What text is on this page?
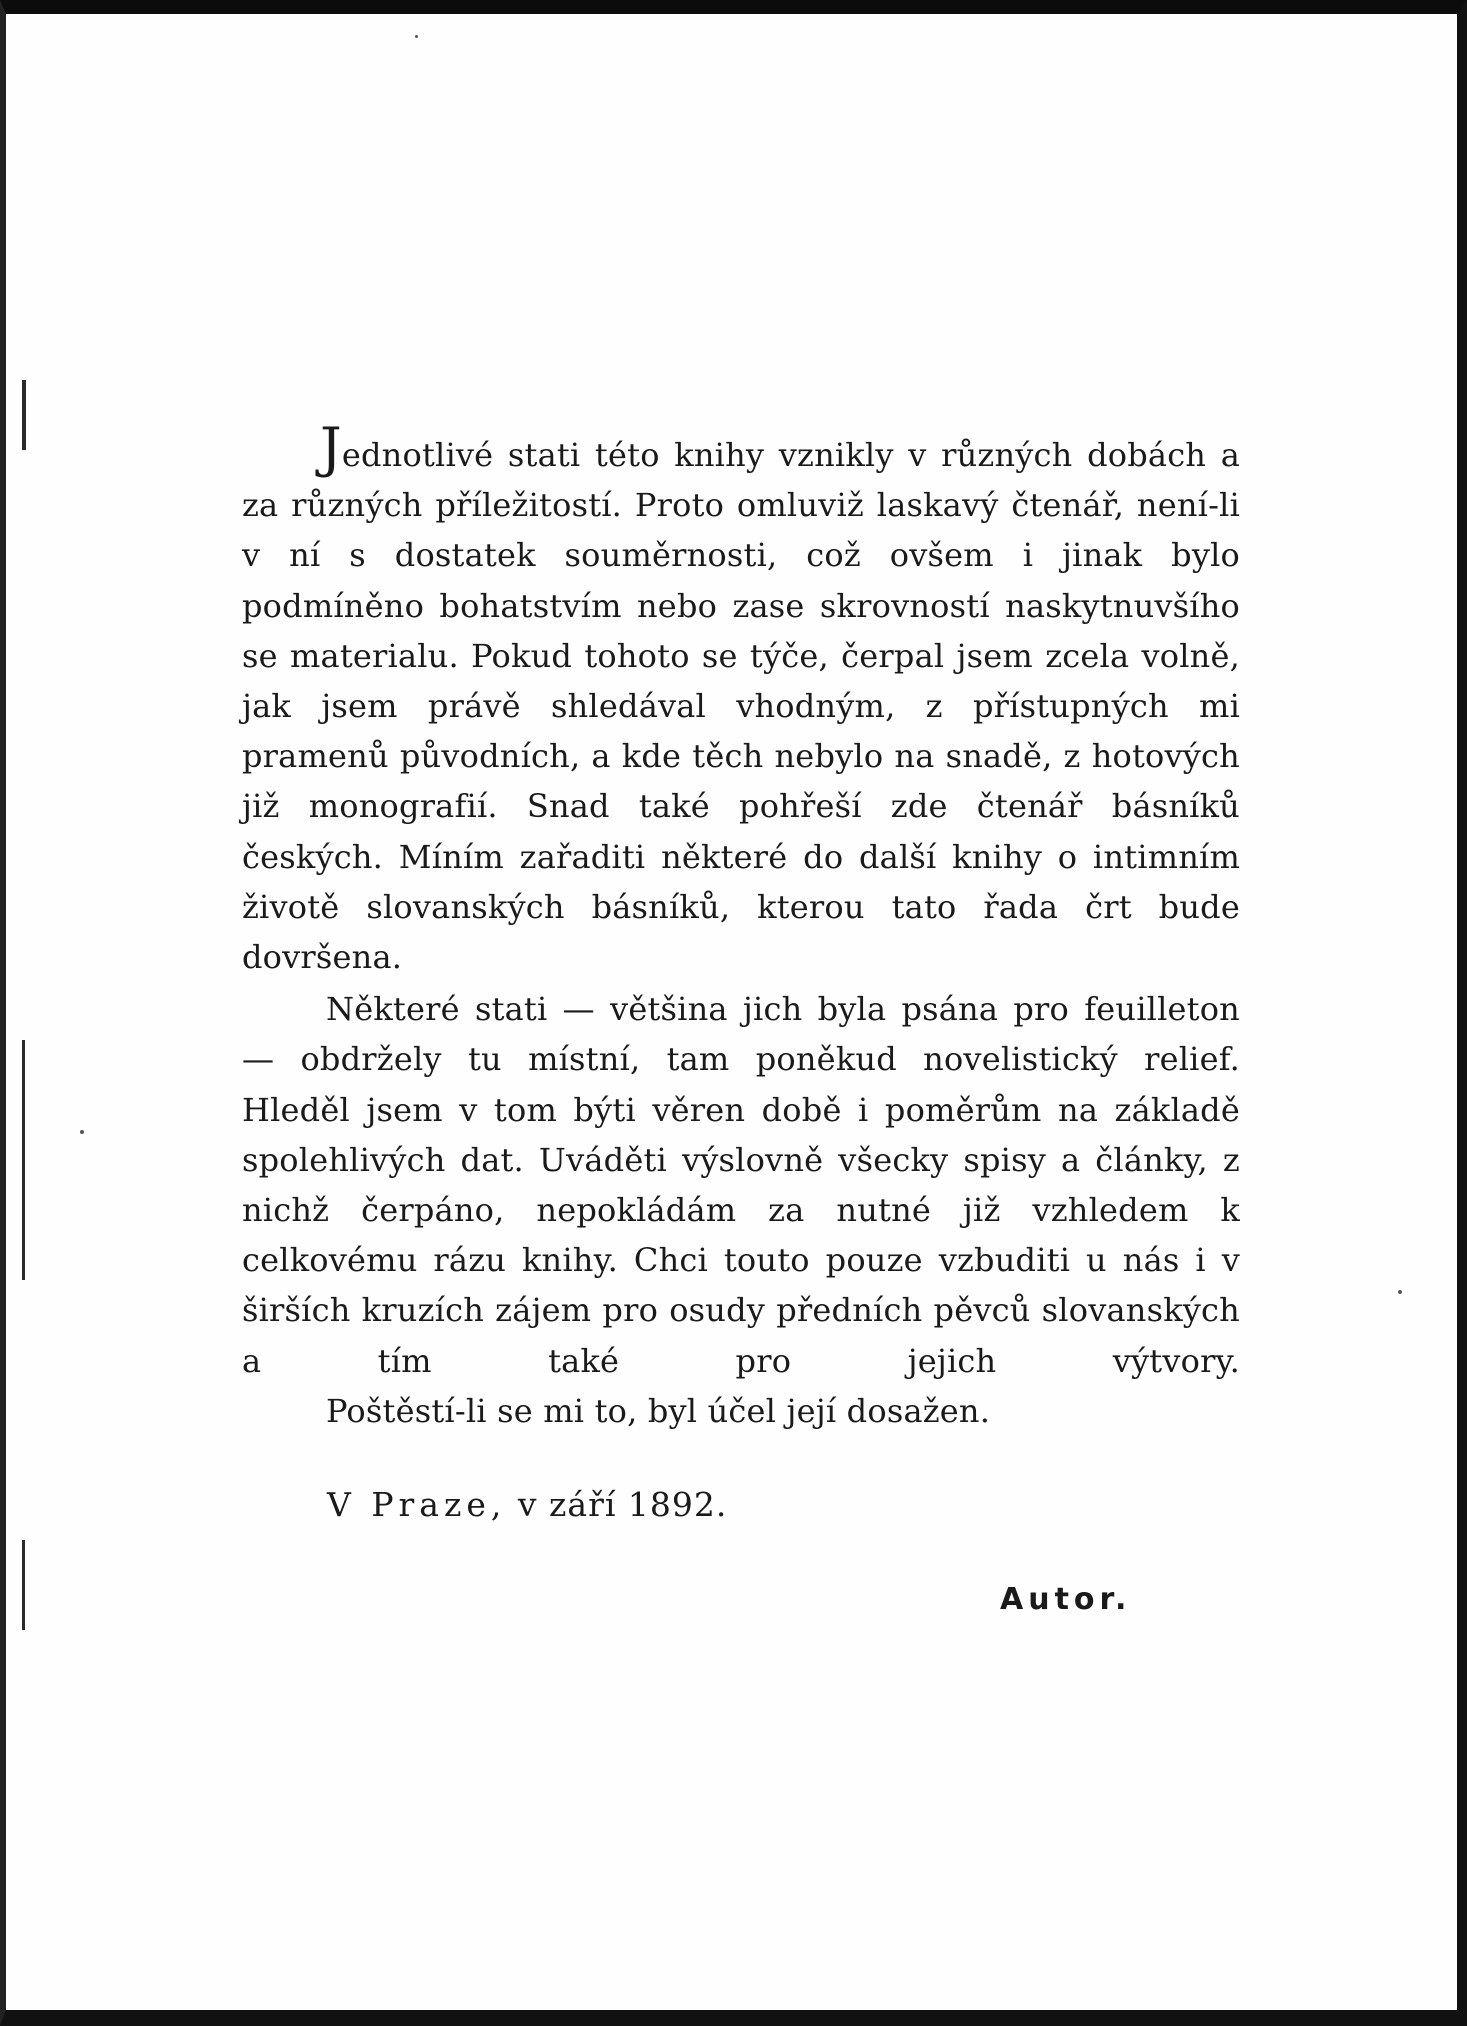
Jednotlivé stati této knihy vznikly v různých dobách a za různých příležitostí. Proto omluviž laskavý čtenář, není-li v ní s dostatek souměrnosti, což ovšem i jinak bylo podmíněno bohatstvím nebo zase skrovností naskytnuvšího se materialu. Pokud tohoto se týče, čerpal jsem zcela volně, jak jsem právě shledával vhodným, z přístupných mi pramenů původních, a kde těch nebylo na snadě, z hotových již monografií. Snad také pohřeší zde čtenář básníků českých. Míním zařaditi některé do další knihy o intimním životě slovanských básníků, kterou tato řada črt bude dovršena.

Některé stati — většina jich byla psána pro feuilleton — obdržely tu místní, tam poněkud novelistický relief. Hleděl jsem v tom býti věren době i poměrům na základě spolehlivých dat. Uváděti výslovně všecky spisy a články, z nichž čerpáno, nepokládám za nutné již vzhledem k celkovému rázu knihy. Chci touto pouze vzbuditi u nás i v širších kruzích zájem pro osudy předních pěvců slovanských a tím také pro jejich výtvory.

Poštěstí-li se mi to, byl účel její dosažen.

V Praze, v září 1892.
Autor.
